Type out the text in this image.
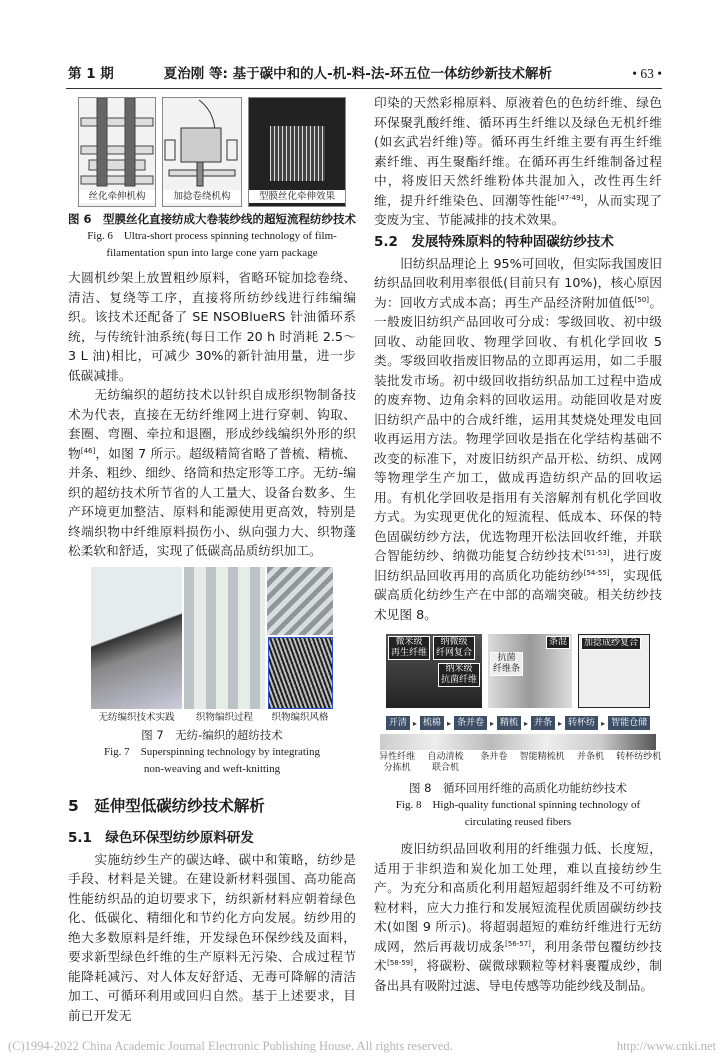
第 1 期	夏治刚 等: 基于碳中和的人-机-料-法-环五位一体纺纱新技术解析	• 63 •
丝化牵伸机构	加捻卷绕机构	型膜丝化牵伸效果
图 6　型膜丝化直接纺成大卷装纱线的超短流程纺纱技术
Fig. 6　Ultra-short process spinning technology of film-
filamentation spun into large cone yarn package
大圆机纱架上放置粗纱原料，省略环锭加捻卷绕、清洁、复绕等工序，直接将所纺纱线进行纬编编织。该技术还配备了 SE NSOBlueRS 针油循环系统，与传统针油系统(每日工作 20 h 时消耗 2.5～3 L 油)相比，可减少 30%的新针油用量，进一步低碳减排。
无纺编织的超纺技术以针织自成形织物制备技术为代表，直接在无纺纤维网上进行穿刺、钩取、套圈、弯圈、牵拉和退圈，形成纱线编织外形的织物[46]，如图 7 所示。超级精简省略了普梳、精梳、并条、粗纱、细纱、络筒和热定形等工序。无纺-编织的超纺技术所节省的人工量大、设备台数多、生产环境更加整洁、原料和能源使用更高效，特别是终端织物中纤维原料损伤小、纵向强力大、织物蓬松柔软和舒适，实现了低碳高品质纺织加工。
无纺编织技术实践 织物编织过程 织物编织风格
图 7　无纺-编织的超纺技术
Fig. 7　Superspinning technology by integrating
non-weaving and weft-knitting
5　延伸型低碳纺纱技术解析
5.1　绿色环保型纺纱原料研发
实施纺纱生产的碳达峰、碳中和策略，纺纱是手段、材料是关键。在建设新材料强国、高功能高性能纺织品的迫切要求下，纺织新材料应朝着绿色化、低碳化、精细化和节约化方向发展。纺纱用的绝大多数原料是纤维，开发绿色环保纱线及面料，要求新型绿色纤维的生产原料无污染、合成过程节能降耗减污、对人体友好舒适、无毒可降解的清洁加工、可循环利用或回归自然。基于上述要求，目前已开发无
印染的天然彩棉原料、原液着色的色纺纤维、绿色环保聚乳酸纤维、循环再生纤维以及绿色无机纤维(如玄武岩纤维)等。循环再生纤维主要有再生纤维素纤维、再生聚酯纤维。在循环再生纤维制备过程中，将废旧天然纤维粉体共混加入，改性再生纤维，提升纤维染色、回潮等性能[47-49]，从而实现了变废为宝、节能减排的技术效果。
5.2　发展特殊原料的特种固碳纺纱技术
旧纺织品理论上 95%可回收，但实际我国废旧纺织品回收利用率很低(目前只有 10%)，核心原因为：回收方式成本高；再生产品经济附加值低[50]。一般废旧纺织产品回收可分成：零级回收、初中级回收、动能回收、物理学回收、有机化学回收 5 类。零级回收指废旧物品的立即再运用，如二手服装批发市场。初中级回收指纺织品加工过程中造成的废弃物、边角余料的回收运用。动能回收是对废旧纺织产品中的合成纤维，运用其焚烧处理发电回收再运用方法。物理学回收是指在化学结构基础不改变的标准下，对废旧纺织产品开松、纺织、成网等物理学生产加工，做成再造纺织产品的回收运用。有机化学回收是指用有关溶解剂有机化学回收方式。为实现更优化的短流程、低成本、环保的特色固碳纺纱方法，优选物理开松法回收纤维，并联合智能纺纱、纳微功能复合纺纱技术[51-53]，进行废旧纺织品回收再用的高质化功能纺纱[54-55]，实现低碳高质化纺纱生产在中部的高端突破。相关纺纱技术见图 8。
微米级
再生纤维
纳微级
纤网复合
纳米级
抗菌纤维
条混
抗菌
纤维条
加捻成纱复合
开清 ▸ 梳棉 ▸ 条并卷 ▸ 精梳 ▸ 并条 ▸ 转杯纺 ▸ 智能仓储
异性纤维
分拣机
自动清梳
联合机
条并卷	智能精梳机	并条机	转杯纺纱机
图 8　循环回用纤维的高质化功能纺纱技术
Fig. 8　High-quality functional spinning technology of
circulating reused fibers
废旧纺织品回收利用的纤维强力低、长度短，适用于非织造和炭化加工处理，难以直接纺纱生产。为充分和高质化利用超短超弱纤维及不可纺粉粒材料，应大力推行和发展短流程优质固碳纺纱技术(如图 9 所示)。将超弱超短的难纺纤维进行无纺成网，然后再裁切成条[56-57]，利用条带包覆纺纱技术[58-59]，将碳粉、碳微球颗粒等材料裹覆成纱，制备出具有吸附过滤、导电传感等功能纱线及制品。
(C)1994-2022 China Academic Journal Electronic Publishing House. All rights reserved.	http://www.cnki.net
